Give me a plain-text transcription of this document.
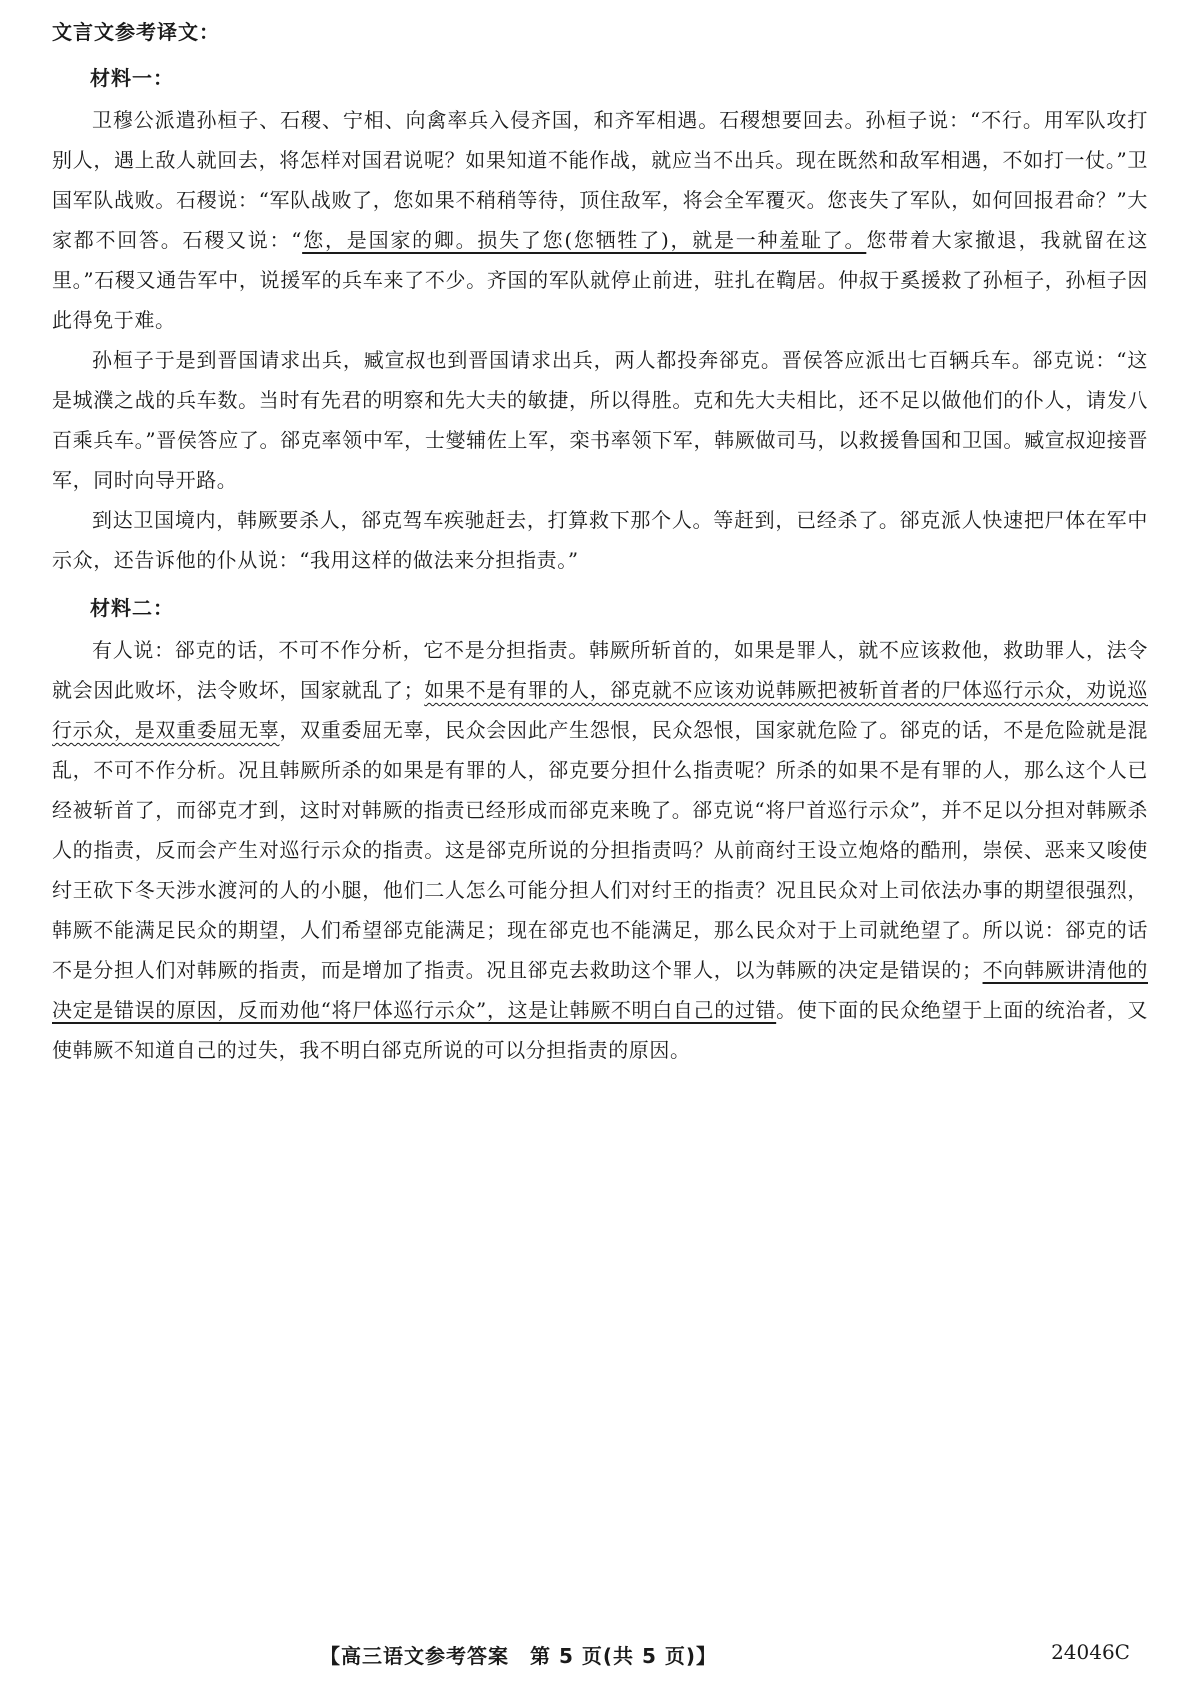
文言文参考译文：

材料一：

卫穆公派遣孙桓子、石稷、宁相、向禽率兵入侵齐国，和齐军相遇。石稷想要回去。孙桓子说：“不行。用军队攻打别人，遇上敌人就回去，将怎样对国君说呢？如果知道不能作战，就应当不出兵。现在既然和敌军相遇，不如打一仗。”卫国军队战败。石稷说：“军队战败了，您如果不稍稍等待，顶住敌军，将会全军覆灭。您丧失了军队，如何回报君命？”大家都不回答。石稷又说：“您，是国家的卿。损失了您(您牺牲了)，就是一种羞耻了。您带着大家撤退，我就留在这里。”石稷又通告军中，说援军的兵车来了不少。齐国的军队就停止前进，驻扎在鞫居。仲叔于奚援救了孙桓子，孙桓子因此得免于难。

孙桓子于是到晋国请求出兵，臧宣叔也到晋国请求出兵，两人都投奔郤克。晋侯答应派出七百辆兵车。郤克说：“这是城濮之战的兵车数。当时有先君的明察和先大夫的敏捷，所以得胜。克和先大夫相比，还不足以做他们的仆人，请发八百乘兵车。”晋侯答应了。郤克率领中军，士燮辅佐上军，栾书率领下军，韩厥做司马，以救援鲁国和卫国。臧宣叔迎接晋军，同时向导开路。

到达卫国境内，韩厥要杀人，郤克驾车疾驰赶去，打算救下那个人。等赶到，已经杀了。郤克派人快速把尸体在军中示众，还告诉他的仆从说：“我用这样的做法来分担指责。”

材料二：

有人说：郤克的话，不可不作分析，它不是分担指责。韩厥所斩首的，如果是罪人，就不应该救他，救助罪人，法令就会因此败坏，法令败坏，国家就乱了；如果不是有罪的人，郤克就不应该劝说韩厥把被斩首者的尸体巡行示众，劝说巡行示众，是双重委屈无辜，双重委屈无辜，民众会因此产生怨恨，民众怨恨，国家就危险了。郤克的话，不是危险就是混乱，不可不作分析。况且韩厥所杀的如果是有罪的人，郤克要分担什么指责呢？所杀的如果不是有罪的人，那么这个人已经被斩首了，而郤克才到，这时对韩厥的指责已经形成而郤克来晚了。郤克说“将尸首巡行示众”，并不足以分担对韩厥杀人的指责，反而会产生对巡行示众的指责。这是郤克所说的分担指责吗？从前商纣王设立炮烙的酷刑，崇侯、恶来又唆使纣王砍下冬天涉水渡河的人的小腿，他们二人怎么可能分担人们对纣王的指责？况且民众对上司依法办事的期望很强烈，韩厥不能满足民众的期望，人们希望郤克能满足；现在郤克也不能满足，那么民众对于上司就绝望了。所以说：郤克的话不是分担人们对韩厥的指责，而是增加了指责。况且郤克去救助这个罪人，以为韩厥的决定是错误的；不向韩厥讲清他的决定是错误的原因，反而劝他“将尸体巡行示众”，这是让韩厥不明白自己的过错。使下面的民众绝望于上面的统治者，又使韩厥不知道自己的过失，我不明白郤克所说的可以分担指责的原因。

【高三语文参考答案　第 5 页(共 5 页)】	24046C
